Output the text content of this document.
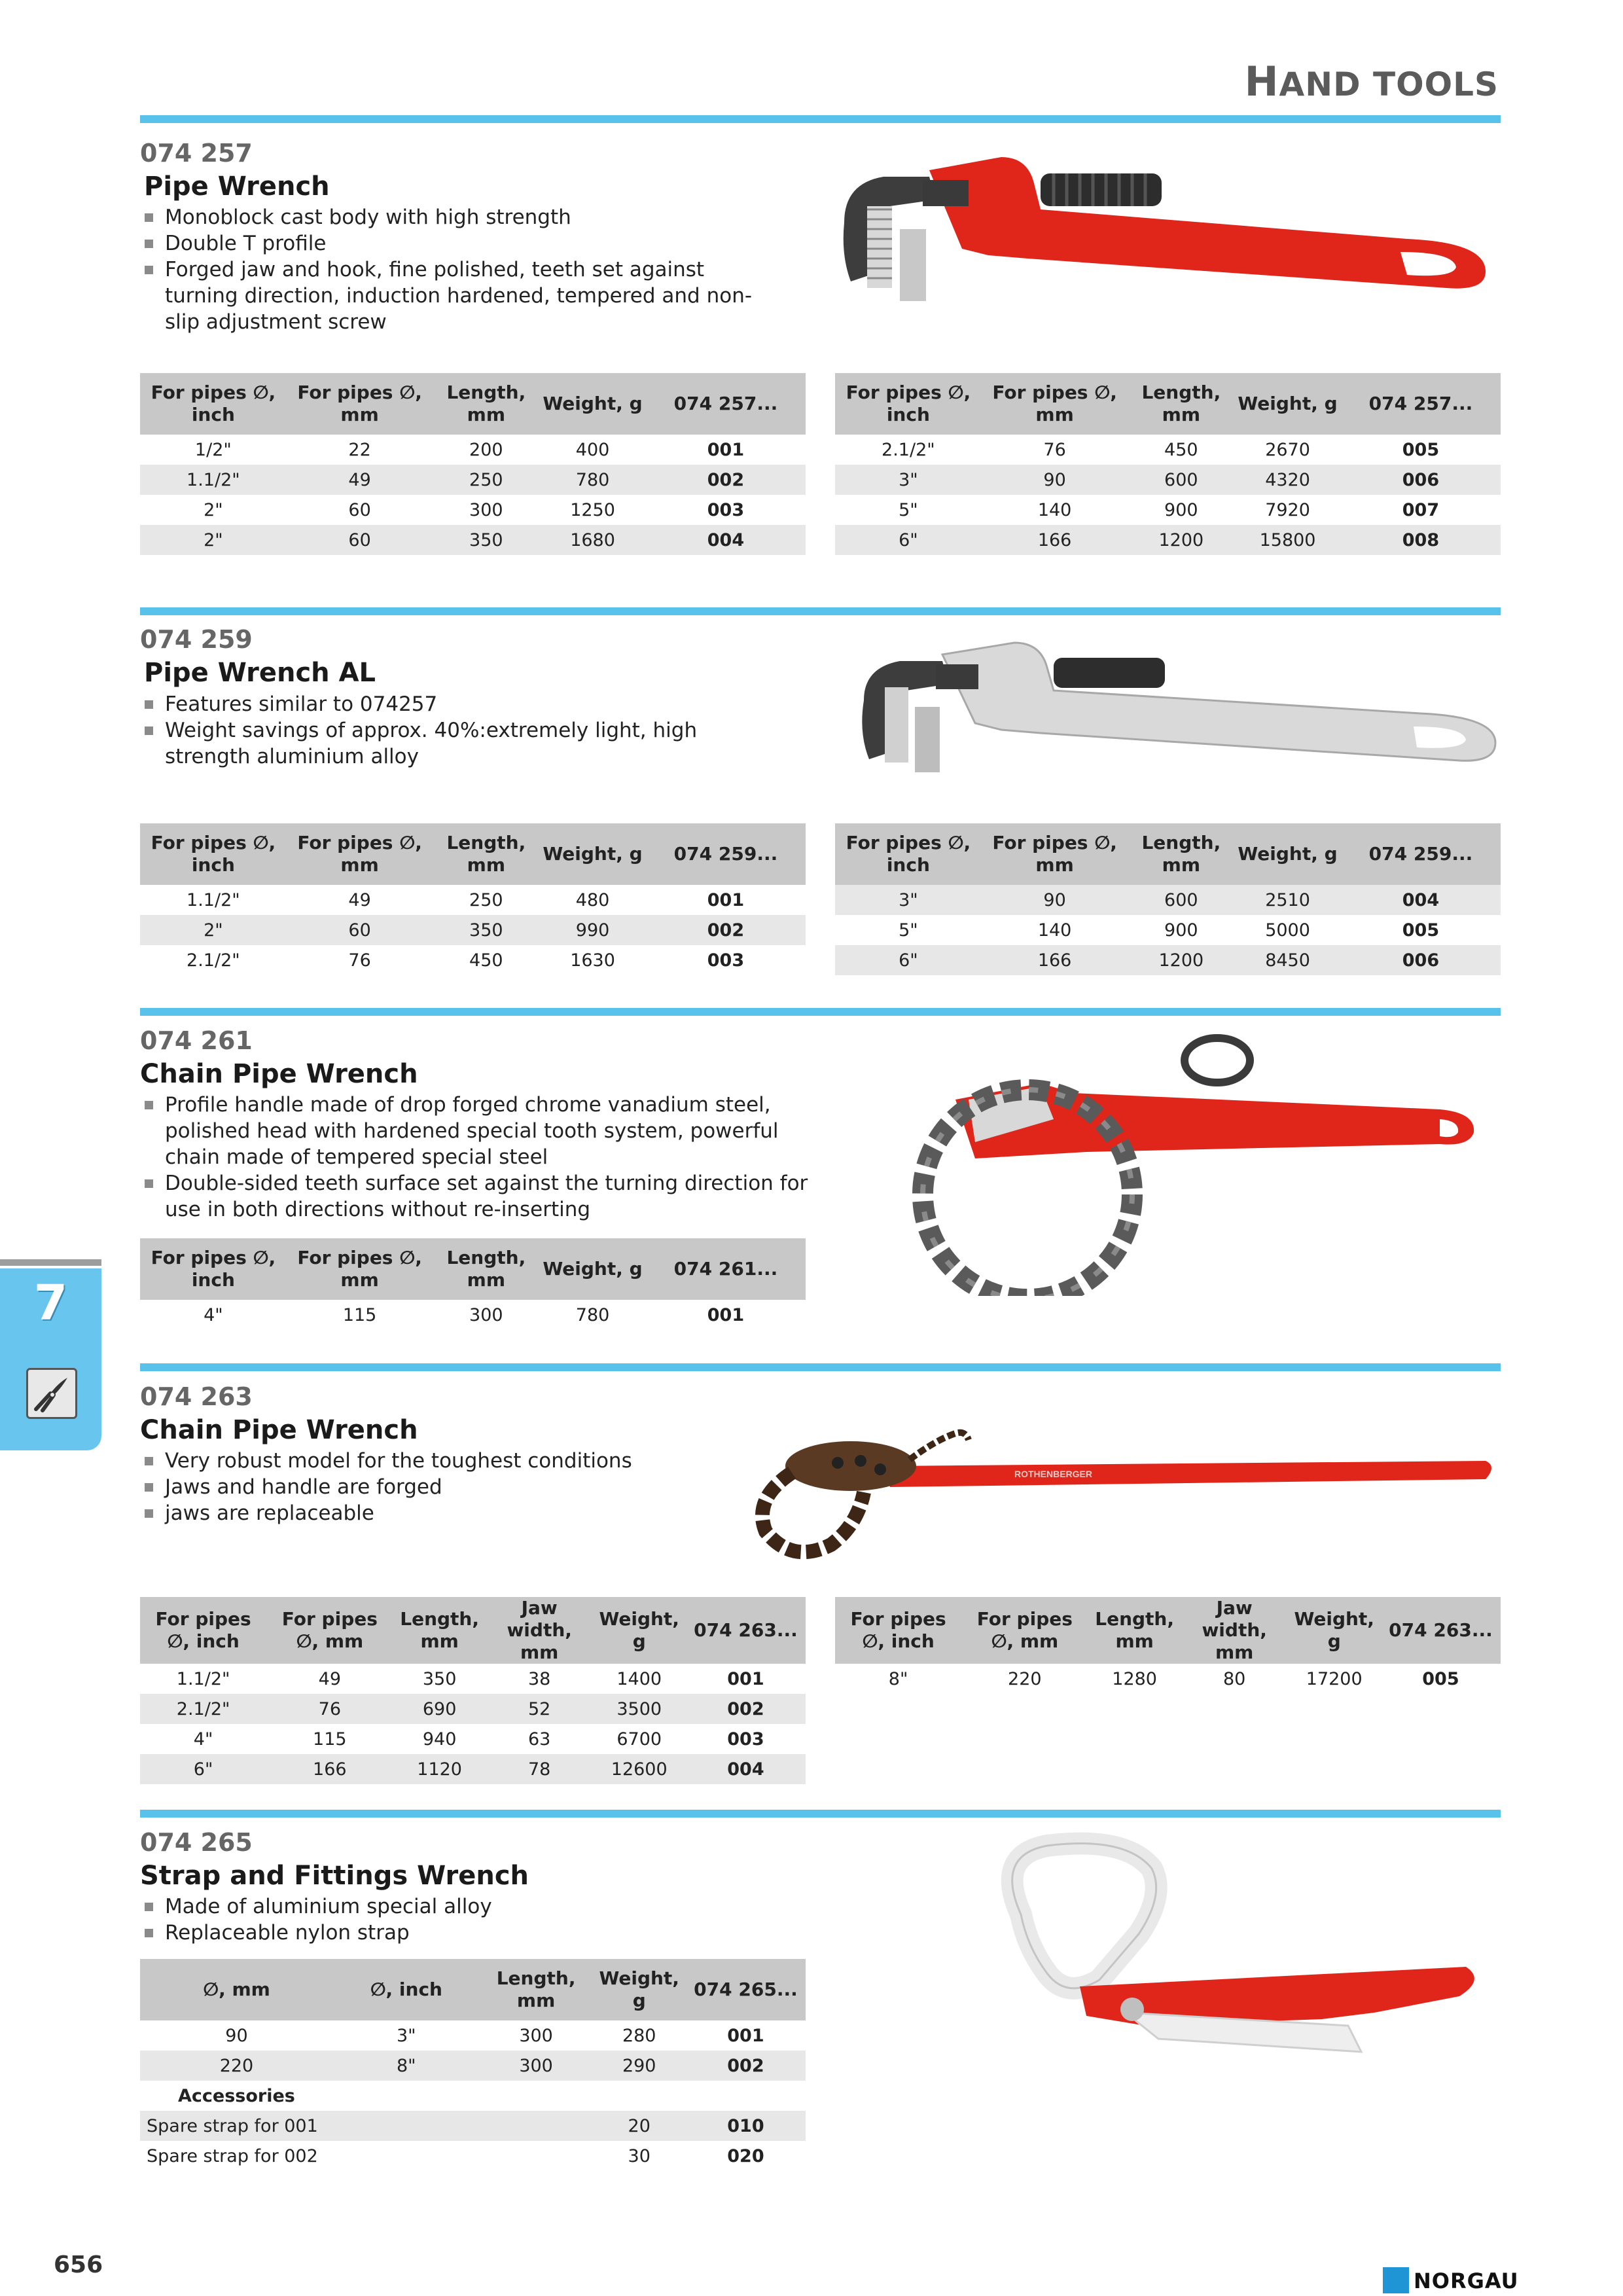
HAND TOOLS
074 257
Pipe Wrench
Monoblock cast body with high strength
Double T profile
Forged jaw and hook, fine polished, teeth set against turning direction, induction hardened, tempered and non-slip adjustment screw
For pipes ∅, inch	For pipes ∅, mm	Length, mm	Weight, g	074 257...
1/2"	22	200	400	001
1.1/2"	49	250	780	002
2"	60	300	1250	003
2"	60	350	1680	004
For pipes ∅, inch	For pipes ∅, mm	Length, mm	Weight, g	074 257...
2.1/2"	76	450	2670	005
3"	90	600	4320	006
5"	140	900	7920	007
6"	166	1200	15800	008
074 259
Pipe Wrench AL
Features similar to 074257
Weight savings of approx. 40%:extremely light, high strength aluminium alloy
For pipes ∅, inch	For pipes ∅, mm	Length, mm	Weight, g	074 259...
1.1/2"	49	250	480	001
2"	60	350	990	002
2.1/2"	76	450	1630	003
For pipes ∅, inch	For pipes ∅, mm	Length, mm	Weight, g	074 259...
3"	90	600	2510	004
5"	140	900	5000	005
6"	166	1200	8450	006
074 261
Chain Pipe Wrench
Profile handle made of drop forged chrome vanadium steel, polished head with hardened special tooth system, powerful chain made of tempered special steel
Double-sided teeth surface set against the turning direction for use in both directions without re-inserting
For pipes ∅, inch	For pipes ∅, mm	Length, mm	Weight, g	074 261...
4"	115	300	780	001
074 263
Chain Pipe Wrench
Very robust model for the toughest conditions
Jaws and handle are forged
jaws are replaceable
ROTHENBERGER
For pipes ∅, inch	For pipes ∅, mm	Length, mm	Jaw width, mm	Weight, g	074 263...
1.1/2"	49	350	38	1400	001
2.1/2"	76	690	52	3500	002
4"	115	940	63	6700	003
6"	166	1120	78	12600	004
For pipes ∅, inch	For pipes ∅, mm	Length, mm	Jaw width, mm	Weight, g	074 263...
8"	220	1280	80	17200	005
074 265
Strap and Fittings Wrench
Made of aluminium special alloy
Replaceable nylon strap
∅, mm	∅, inch	Length, mm	Weight, g	074 265...
90	3"	300	280	001
220	8"	300	290	002
Accessories				
Spare strap for 001			20	010
Spare strap for 002			30	020
7
656
NORGAU
